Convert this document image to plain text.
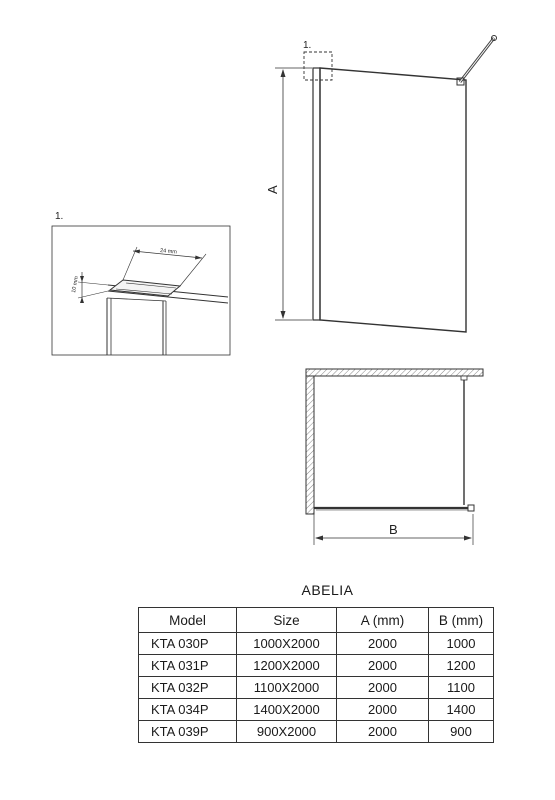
1.
A
1.
24 mm
10 mm
B
ABELIA
Model	Size	A (mm)	B (mm)
KTA 030P	1000X2000	2000	1000
KTA 031P	1200X2000	2000	1200
KTA 032P	1100X2000	2000	1100
KTA 034P	1400X2000	2000	1400
KTA 039P	900X2000	2000	900
